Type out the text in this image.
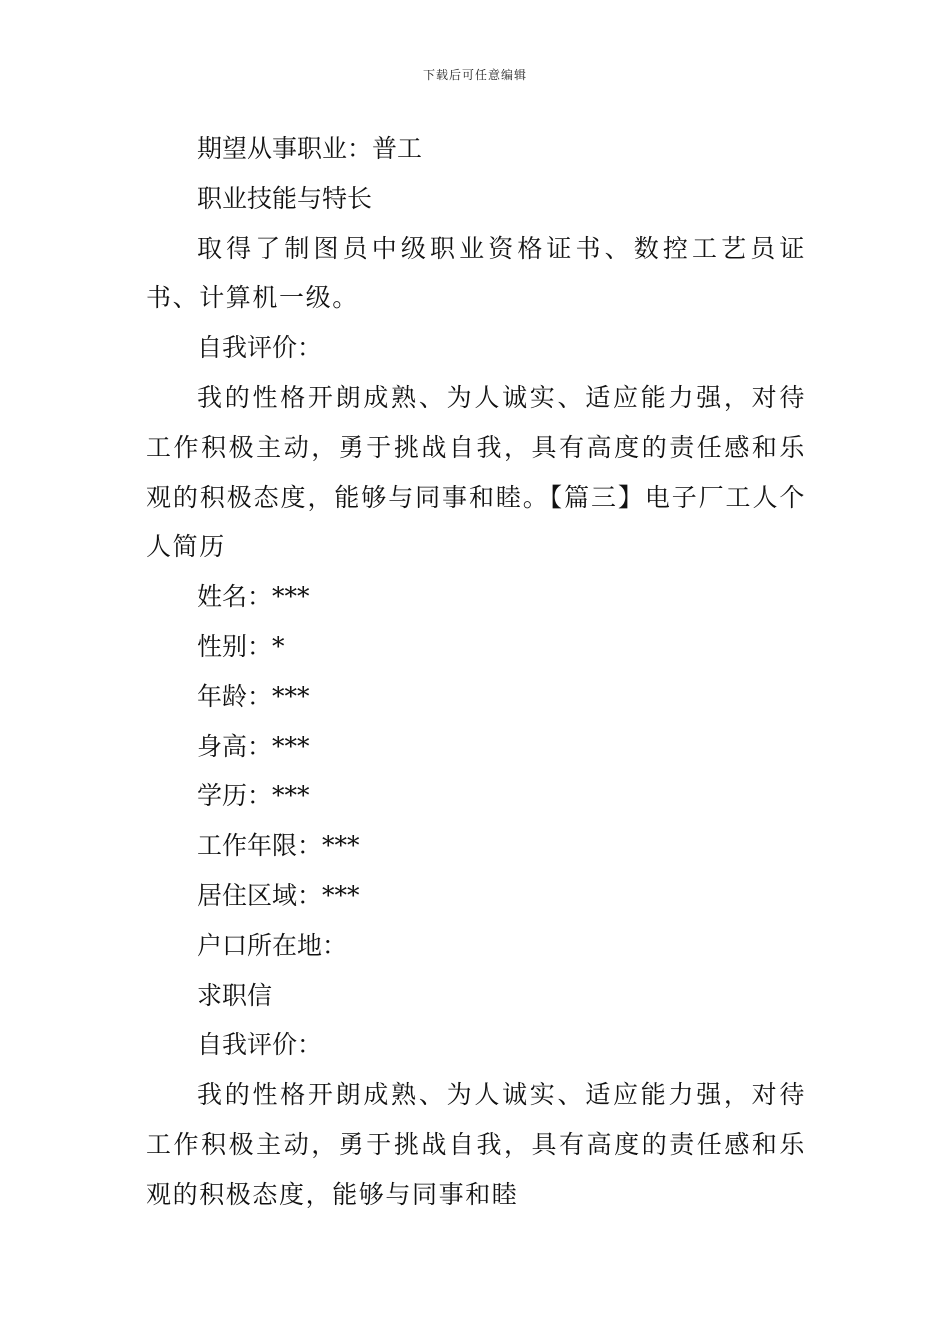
下载后可任意编辑
期望从事职业：普工
职业技能与特长
取得了制图员中级职业资格证书、数控工艺员证书、计算机一级。
自我评价：
我的性格开朗成熟、为人诚实、适应能力强，对待工作积极主动，勇于挑战自我，具有高度的责任感和乐观的积极态度，能够与同事和睦。【篇三】电子厂工人个人简历
姓名：***
性别：*
年龄：***
身高：***
学历：***
工作年限：***
居住区域：***
户口所在地：
求职信
自我评价：
我的性格开朗成熟、为人诚实、适应能力强，对待工作积极主动，勇于挑战自我，具有高度的责任感和乐观的积极态度，能够与同事和睦
